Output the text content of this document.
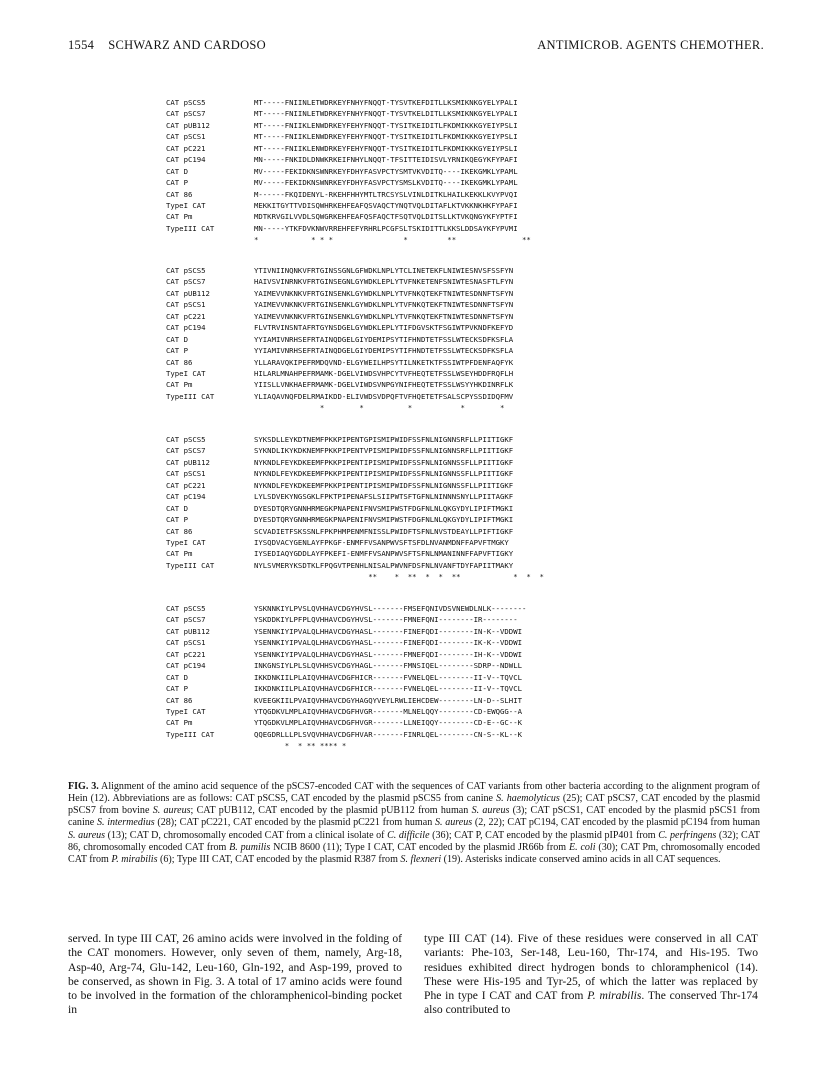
1554 SCHWARZ AND CARDOSO	ANTIMICROB. AGENTS CHEMOTHER.
CAT pSCS5	MT-----FNIINLETWDRKEYFNHYFNQQT-TYSVTKEFDITLLKSMIKNKGYELYPALI
CAT pSCS7	MT-----FNIINLETWDRKEYFNHYFNQQT-TYSVTKELDITLLKSMIKNKGYELYPALI
CAT pUB112	MT-----FNIIKLENWDRKEYFEHYFNQQT-TYSITKEIDITLFKDMIKKKGYEIYPSLI
CAT pSCS1	MT-----FNIIKLENWDRKEYFEHYFNQQT-TYSITKEIDITLFKDMIKKKGYEIYPSLI
CAT pC221	MT-----FNIIKLENWDRKEYFEHYFNQQT-TYSITKEIDITLFKDMIKKKGYEIYPSLI
CAT pC194	MN-----FNKIDLDNWKRKEIFNHYLNQQT-TFSITTEIDISVLYRNIKQEGYKFYPAFI
CAT D	MV-----FEKIDKNSWNRKEYFDHYFASVPCTYSMTVKVDITQ----IKEKGMKLYPAML
CAT P	MV-----FEKIDKNSWNRKEYFDHYFASVPCTYSMSLKVDITQ----IKEKGMKLYPAML
CAT 86	M------FKQIDENYL-RKEHFHHYMTLTRCSYSLVINLDITKLHAILKEKKLKVYPVQI
TypeI CAT	MEKKITGYTTVDISQWHRKEHFEAFQSVAQCTYNQTVQLDITAFLKTVKKNKHKFYPAFI
CAT Pm	MDTKRVGILVVDLSQWGRKEHFEAFQSFAQCTFSQTVQLDITSLLKTVKQNGYKFYPTFI
TypeIII CAT	MN-----YTKFDVKNWVRREHFEFYRHRLPCGFSLTSKIDITTLKKSLDDSAYKFYPVMI
*            * * *                *         **               **
CAT pSCS5	YTIVNIINQNKVFRTGINSSGNLGFWDKLNPLYTCLINETEKFLNIWIESNVSFSSFYN
CAT pSCS7	HAIVSVINRNKVFRTGINSEGNLGYWDKLEPLYTVFNKETENFSNIWTESNASFTLFYN
CAT pUB112	YAIMEVVNKNKVFRTGINSENKLGYWDKLNPLYTVFNKQTEKFTNIWTESDNNFTSFYN
CAT pSCS1	YAIMEVVNKNKVFRTGINSENKLGYWDKLNPLYTVFNKQTEKFTNIWTESDNNFTSFYN
CAT pC221	YAIMEVVNKNKVFRTGINSENKLGYWDKLNPLYTVFNKQTEKFTNIWTESDNNFTSFYN
CAT pC194	FLVTRVINSNTAFRTGYNSDGELGYWDKLEPLYTIFDGVSKTFSGIWTPVKNDFKEFYD
CAT D	YYIAMIVNRHSEFRTAINQDGELGIYDEMIPSYTIFHNDTETFSSLWTECKSDFKSFLA
CAT P	YYIAMIVNRHSEFRTAINQDGELGIYDEMIPSYTIFHNDTETFSSLWTECKSDFKSFLA
CAT 86	YLLARAVQKIPEFRMDQVND-ELGYWEILHPSYTILNKETKTFSSIWTPFDENFAQFYK
TypeI CAT	HILARLMNAHPEFRMAMK-DGELVIWDSVHPCYTVFHEQTETFSSLWSEYHDDFRQFLH
CAT Pm	YIISLLVNKHAEFRMAMK-DGELVIWDSVNPGYNIFHEQTETFSSLWSYYHKDINRFLK
TypeIII CAT	YLIAQAVNQFDELRMAIKDD-ELIVWDSVDPQFTVFHQETETFSALSCPYSSDIDQFMV
*        *          *           *        *
CAT pSCS5	SYKSDLLEYKDTNEMFPKKPIPENTGPISMIPWIDFSSFNLNIGNNSRFLLPIITIGKF
CAT pSCS7	SYKNDLIKYKDKNEMFPKKPIPENTVPISMIPWIDFSSFNLNIGNNSRFLLPIITIGKF
CAT pUB112	NYKNDLFEYKDKEEMFPKKPIPENTIPISMIPWIDFSSFNLNIGNNSSFLLPIITIGKF
CAT pSCS1	NYKNDLFEYKDKEEMFPKKPIPENTIPISMIPWIDFSSFNLNIGNNSSFLLPIITIGKF
CAT pC221	NYKNDLFEYKDKEEMFPKKPIPENTIPISMIPWIDFSSFNLNIGNNSSFLLPIITIGKF
CAT pC194	LYLSDVEKYNGSGKLFPKTPIPENAFSLSIIPWTSFTGFNLNINNNSNYLLPIITAGKF
CAT D	DYESDTQRYGNNHRMEGKPNAPENIFNVSMIPWSTFDGFNLNLQKGYDYLIPIFTMGKI
CAT P	DYESDTQRYGNNHRMEGKPNAPENIFNVSMIPWSTFDGFNLNLQKGYDYLIPIFTMGKI
CAT 86	SCVADIETFSKSSNLFPKPHMPENMFNISSLPWIDFTSFNLNVSTDEAYLLPIFTIGKF
TypeI CAT	IYSQDVACYGENLAYFPKGF-ENMFFVSANPWVSFTSFDLNVANMDNFFAPVFTMGKY
CAT Pm	IYSEDIAQYGDDLAYFPKEFI-ENMFFVSANPWVSFTSFNLNMANINNFFAPVFTIGKY
TypeIII CAT	NYLSVMERYKSDTKLFPQGVTPENHLNISALPWVNFDSFNLNVANFTDYFAPIITMAKY
**    *  **  *  *  **            *  *  *
CAT pSCS5	YSKNNKIYLPVSLQVHHAVCDGYHVSL-------FMSEFQNIVDSVNEWDLNLK--------
CAT pSCS7	YSKDDKIYLPFPLQVHHAVCDGYHVSL-------FMNEFQNI--------IR--------
CAT pUB112	YSENNKIYIPVALQLHHAVCDGYHASL-------FINEFQDI--------IN-K--VDDWI
CAT pSCS1	YSENNKIYIPVALQLHHAVCDGYHASL-------FINEFQDI--------IK-K--VDDWI
CAT pC221	YSENNKIYIPVALQLHHAVCDGYHASL-------FMNEFQDI--------IH-K--VDDWI
CAT pC194	INKGNSIYLPLSLQVHHSVCDGYHAGL-------FMNSIQEL--------SDRP--NDWLL
CAT D	IKKDNKIILPLAIQVHHAVCDGFHICR-------FVNELQEL--------II-V--TQVCL
CAT P	IKKDNKIILPLAIQVHHAVCDGFHICR-------FVNELQEL--------II-V--TQVCL
CAT 86	KVEEGKIILPVAIQVHHAVCDGYHAGQYVEYLRWLIEHCDEW--------LN-D--SLHIT
TypeI CAT	YTQGDKVLMPLAIQVHHAVCDGFHVGR-------MLNELQQY--------CD-EWQGG--A
CAT Pm	YTQGDKVLMPLAIQVHHAVCDGFHVGR-------LLNEIQQY--------CD-E--GC--K
TypeIII CAT	QQEGDRLLLPLSVQVHHAVCDGFHVAR-------FINRLQEL--------CN-S--KL--K
*  * ** **** *
FIG. 3. Alignment of the amino acid sequence of the pSCS7-encoded CAT with the sequences of CAT variants from other bacteria according to the alignment program of Hein (12). Abbreviations are as follows: CAT pSCS5, CAT encoded by the plasmid pSCS5 from canine S. haemolyticus (25); CAT pSCS7, CAT encoded by the plasmid pSCS7 from bovine S. aureus; CAT pUB112, CAT encoded by the plasmid pUB112 from human S. aureus (3); CAT pSCS1, CAT encoded by the plasmid pSCS1 from canine S. intermedius (28); CAT pC221, CAT encoded by the plasmid pC221 from human S. aureus (2, 22); CAT pC194, CAT encoded by the plasmid pC194 from human S. aureus (13); CAT D, chromosomally encoded CAT from a clinical isolate of C. difficile (36); CAT P, CAT encoded by the plasmid pIP401 from C. perfringens (32); CAT 86, chromosomally encoded CAT from B. pumilis NCIB 8600 (11); Type I CAT, CAT encoded by the plasmid JR66b from E. coli (30); CAT Pm, chromosomally encoded CAT from P. mirabilis (6); Type III CAT, CAT encoded by the plasmid R387 from S. flexneri (19). Asterisks indicate conserved amino acids in all CAT sequences.
served. In type III CAT, 26 amino acids were involved in the folding of the CAT monomers. However, only seven of them, namely, Arg-18, Asp-40, Arg-74, Glu-142, Leu-160, Gln-192, and Asp-199, proved to be conserved, as shown in Fig. 3. A total of 17 amino acids were found to be involved in the formation of the chloramphenicol-binding pocket in
type III CAT (14). Five of these residues were conserved in all CAT variants: Phe-103, Ser-148, Leu-160, Thr-174, and His-195. Two residues exhibited direct hydrogen bonds to chloramphenicol (14). These were His-195 and Tyr-25, of which the latter was replaced by Phe in type I CAT and CAT from P. mirabilis. The conserved Thr-174 also contributed to
